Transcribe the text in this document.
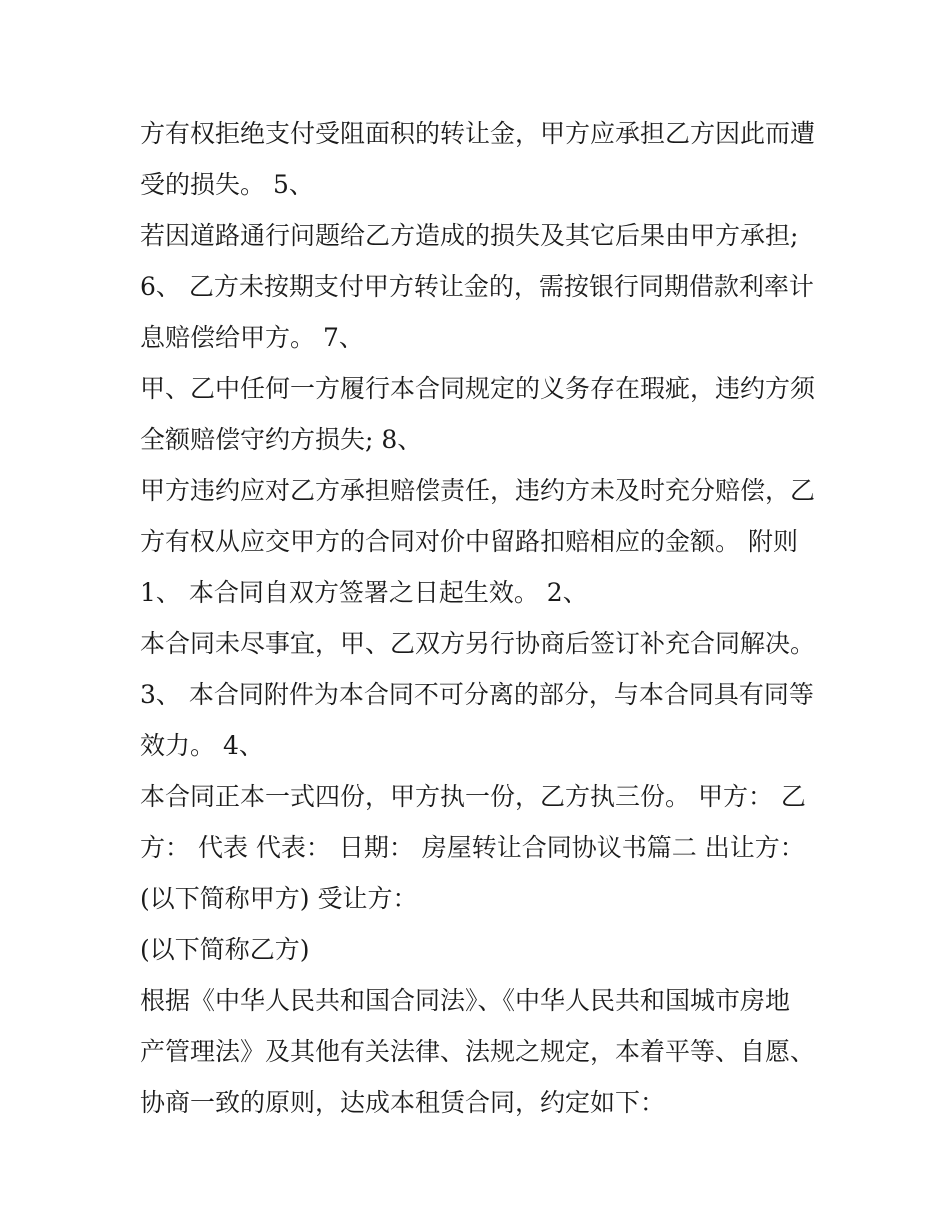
方有权拒绝支付受阻面积的转让金，甲方应承担乙方因此而遭
受的损失。 5、
若因道路通行问题给乙方造成的损失及其它后果由甲方承担;
6、 乙方未按期支付甲方转让金的，需按银行同期借款利率计
息赔偿给甲方。 7、
甲、乙中任何一方履行本合同规定的义务存在瑕疵，违约方须
全额赔偿守约方损失; 8、
甲方违约应对乙方承担赔偿责任，违约方未及时充分赔偿，乙
方有权从应交甲方的合同对价中留路扣赔相应的金额。 附则
1、 本合同自双方签署之日起生效。 2、
本合同未尽事宜，甲、乙双方另行协商后签订补充合同解决。
3、 本合同附件为本合同不可分离的部分，与本合同具有同等
效力。 4、
本合同正本一式四份，甲方执一份，乙方执三份。 甲方： 乙
方： 代表 代表： 日期： 房屋转让合同协议书篇二 出让方：
(以下简称甲方) 受让方：
(以下简称乙方)
根据《中华人民共和国合同法》、《中华人民共和国城市房地
产管理法》及其他有关法律、法规之规定，本着平等、自愿、
协商一致的原则，达成本租赁合同，约定如下：
